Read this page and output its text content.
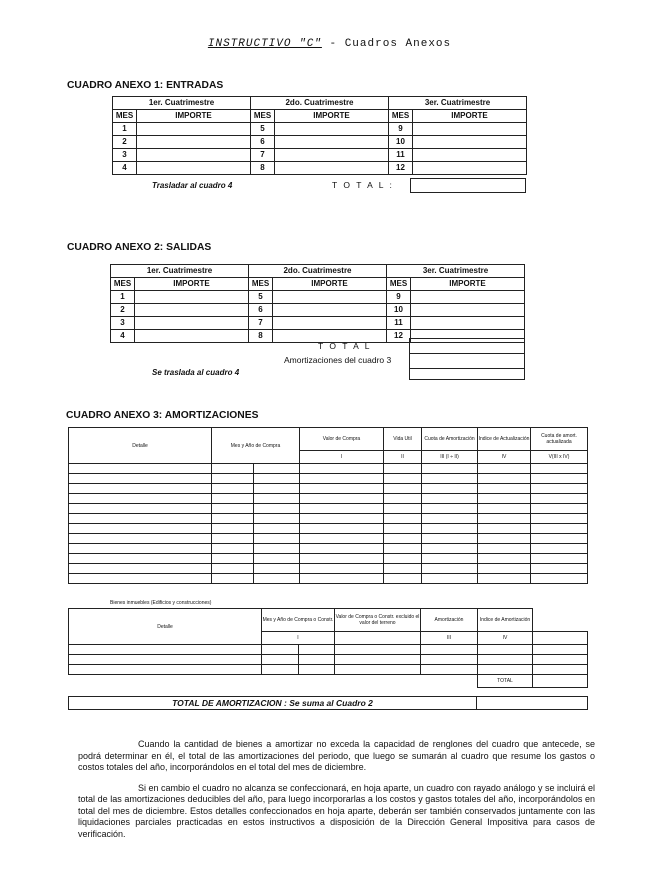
INSTRUCTIVO "C" - Cuadros Anexos
CUADRO ANEXO 1: ENTRADAS
1er. Cuatrimestre		2do. Cuatrimestre		3er. Cuatrimestre	
MES	IMPORTE	MES	IMPORTE	MES	IMPORTE
1		5		9	
2		6		10	
3		7		11	
4		8		12	
Trasladar al cuadro 4	T O T A L :
CUADRO ANEXO 2: SALIDAS
1er. Cuatrimestre		2do. Cuatrimestre		3er. Cuatrimestre	
MES	IMPORTE	MES	IMPORTE	MES	IMPORTE
1		5		9	
2		6		10	
3		7		11	
4		8		12	

T O T A L
Amortizaciones del cuadro 3
Se traslada al cuadro 4
CUADRO ANEXO 3: AMORTIZACIONES
Detalle	Mes y Año de Compra		Valor de Compra	Vida Util	Cuota de Amortización	Indice de Actualización	Cuota de amort. actualizada
			I	II	III (I ÷ II)	IV	V(III x IV)

Bienes inmuebles (Edificios y construcciones)
Detalle	Mes y Año de Compra o Constr.		Valor de Compra o Constr. excluido el valor del terreno	Amortización	Indice de Amortización	
	I			III	IV	

					TOTAL	
TOTAL DE AMORTIZACION : Se suma al Cuadro 2	

Cuando la cantidad de bienes a amortizar no exceda la capacidad de renglones del cuadro que antecede, se podrá determinar en él, el total de las amortizaciones del periodo, que luego se sumarán al cuadro que resume los gastos o costos totales del año, incorporándolos en el total del mes de diciembre.

Si en cambio el cuadro no alcanza se confeccionará, en hoja aparte, un cuadro con rayado análogo y se incluirá el total de las amortizaciones deducibles del año, para luego incorporarlas a los costos y gastos totales del año, incorporándolos en total del mes de diciembre. Estos detalles confeccionados en hoja aparte, deberán ser también conservados juntamente con las liquidaciones parciales practicadas en estos instructivos a disposición de la Dirección General Impositiva para casos de verificación.
